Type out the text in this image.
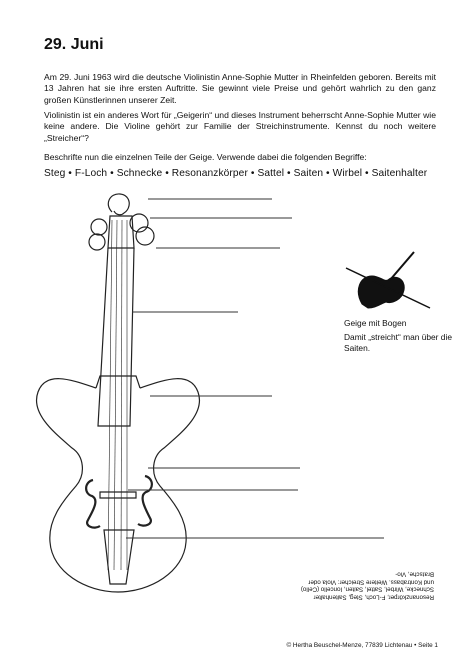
29. Juni

Am 29. Juni 1963 wird die deutsche Violinistin Anne-Sophie Mutter in Rheinfelden geboren. Bereits mit 13 Jahren hat sie ihre ersten Auftritte. Sie gewinnt viele Preise und gehört wahrlich zu den ganz großen Künstlerinnen unserer Zeit.

Violinistin ist ein anderes Wort für „Geigerin“ und dieses Instrument beherrscht Anne-Sophie Mutter wie keine andere. Die Violine gehört zur Familie der Streichinstrumente. Kennst du noch weitere „Streicher“?

Beschrifte nun die einzelnen Teile der Geige. Verwende dabei die folgenden Begriffe:

Steg • F-Loch • Schnecke • Resonanzkörper • Sattel • Saiten • Wirbel • Saitenhalter

Geige mit Bogen

Damit „streicht“ man über die Saiten.

Resonanzkörper, F-Loch, Steg, Saitenhalter Schnecke, Wirbel, Sattel, Saiten, Ioncello (Cello) und Kontrabass. Weitere Streicher: Viola oder Bratsche, Vio-

© Hertha Beuschel-Menze, 77839 Lichtenau • Seite 1
